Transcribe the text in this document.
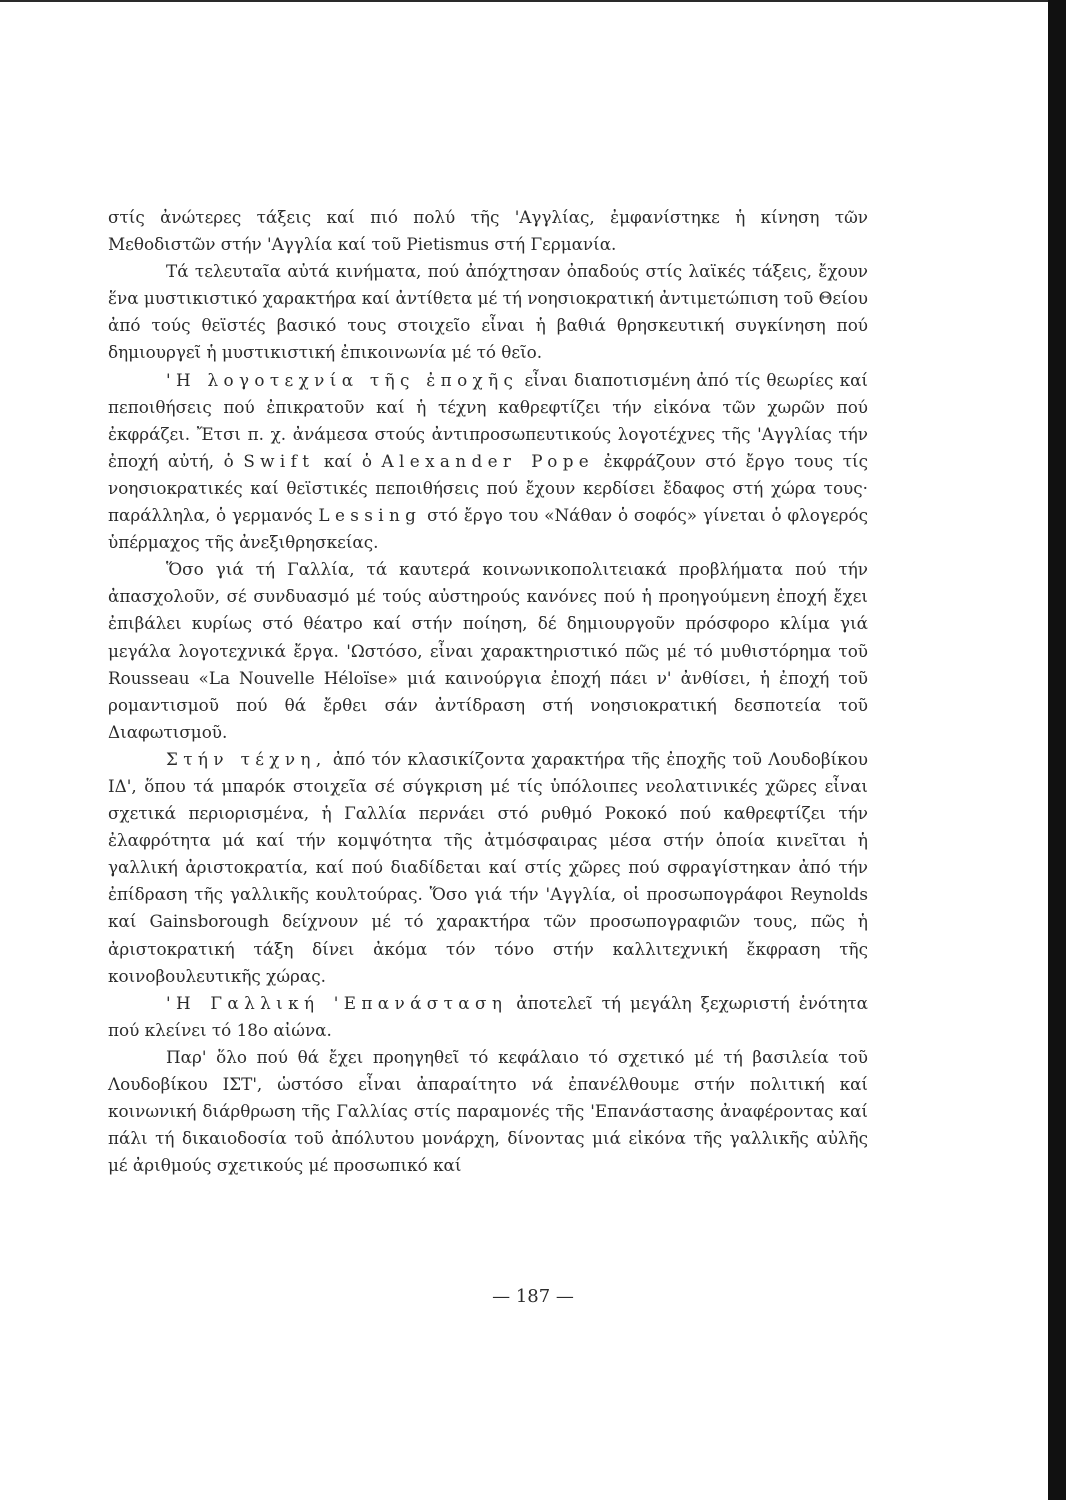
στίς ἀνώτερες τάξεις καί πιό πολύ τῆς 'Αγγλίας, ἐμφανίστηκε ἡ κίνηση τῶν Μεθοδιστῶν στήν 'Αγγλία καί τοῦ Pietismus στή Γερμανία.

Τά τελευταῖα αὐτά κινήματα, πού ἀπόχτησαν ὀπαδούς στίς λαϊκές τάξεις, ἔχουν ἕνα μυστικιστικό χαρακτήρα καί ἀντίθετα μέ τή νοησιοκρατική ἀντιμετώπιση τοῦ Θείου ἀπό τούς θεϊστές βασικό τους στοιχεῖο εἶναι ἡ βαθιά θρησκευτική συγκίνηση πού δημιουργεῖ ἡ μυστικιστική ἐπικοινωνία μέ τό θεῖο.

'Η λογοτεχνία τῆς ἐποχῆς εἶναι διαποτισμένη ἀπό τίς θεωρίες καί πεποιθήσεις πού ἐπικρατοῦν καί ἡ τέχνη καθρεφτίζει τήν εἰκόνα τῶν χωρῶν πού ἐκφράζει. Ἔτσι π. χ. ἀνάμεσα στούς ἀντιπροσωπευτικούς λογοτέχνες τῆς 'Αγγλίας τήν ἐποχή αὐτή, ὁ Swift καί ὁ Alexander Pope ἐκφράζουν στό ἔργο τους τίς νοησιοκρατικές καί θεϊστικές πεποιθήσεις πού ἔχουν κερδίσει ἔδαφος στή χώρα τους· παράλληλα, ὁ γερμανός Lessing στό ἔργο του «Νάθαν ὁ σοφός» γίνεται ὁ φλογερός ὑπέρμαχος τῆς ἀνεξιθρησκείας.

Ὅσο γιά τή Γαλλία, τά καυτερά κοινωνικοπολιτειακά προβλήματα πού τήν ἀπασχολοῦν, σέ συνδυασμό μέ τούς αὐστηρούς κανόνες πού ἡ προηγούμενη ἐποχή ἔχει ἐπιβάλει κυρίως στό θέατρο καί στήν ποίηση, δέ δημιουργοῦν πρόσφορο κλίμα γιά μεγάλα λογοτεχνικά ἔργα. 'Ωστόσο, εἶναι χαρακτηριστικό πῶς μέ τό μυθιστόρημα τοῦ Rousseau «La Nouvelle Héloïse» μιά καινούργια ἐποχή πάει ν' ἀνθίσει, ἡ ἐποχή τοῦ ρομαντισμοῦ πού θά ἔρθει σάν ἀντίδραση στή νοησιοκρατική δεσποτεία τοῦ Διαφωτισμοῦ.

Στήν τέχνη, ἀπό τόν κλασικίζοντα χαρακτήρα τῆς ἐποχῆς τοῦ Λουδοβίκου ΙΔ', ὅπου τά μπαρόκ στοιχεῖα σέ σύγκριση μέ τίς ὑπόλοιπες νεολατινικές χῶρες εἶναι σχετικά περιορισμένα, ἡ Γαλλία περνάει στό ρυθμό Ροκοκό πού καθρεφτίζει τήν ἐλαφρότητα μά καί τήν κομψότητα τῆς ἀτμόσφαιρας μέσα στήν ὁποία κινεῖται ἡ γαλλική ἀριστοκρατία, καί πού διαδίδεται καί στίς χῶρες πού σφραγίστηκαν ἀπό τήν ἐπίδραση τῆς γαλλικῆς κουλτούρας. Ὅσο γιά τήν 'Αγγλία, οἱ προσωπογράφοι Reynolds καί Gainsborough δείχνουν μέ τό χαρακτήρα τῶν προσωπογραφιῶν τους, πῶς ἡ ἀριστοκρατική τάξη δίνει ἀκόμα τόν τόνο στήν καλλιτεχνική ἔκφραση τῆς κοινοβουλευτικῆς χώρας.

'Η Γαλλική 'Επανάσταση ἀποτελεῖ τή μεγάλη ξεχωριστή ἑνότητα πού κλείνει τό 18ο αἰώνα.

Παρ' ὅλο πού θά ἔχει προηγηθεῖ τό κεφάλαιο τό σχετικό μέ τή βασιλεία τοῦ Λουδοβίκου ΙΣΤ', ὡστόσο εἶναι ἀπαραίτητο νά ἐπανέλθουμε στήν πολιτική καί κοινωνική διάρθρωση τῆς Γαλλίας στίς παραμονές τῆς 'Επανάστασης ἀναφέροντας καί πάλι τή δικαιοδοσία τοῦ ἀπόλυτου μονάρχη, δίνοντας μιά εἰκόνα τῆς γαλλικῆς αὐλῆς μέ ἀριθμούς σχετικούς μέ προσωπικό καί

— 187 —
